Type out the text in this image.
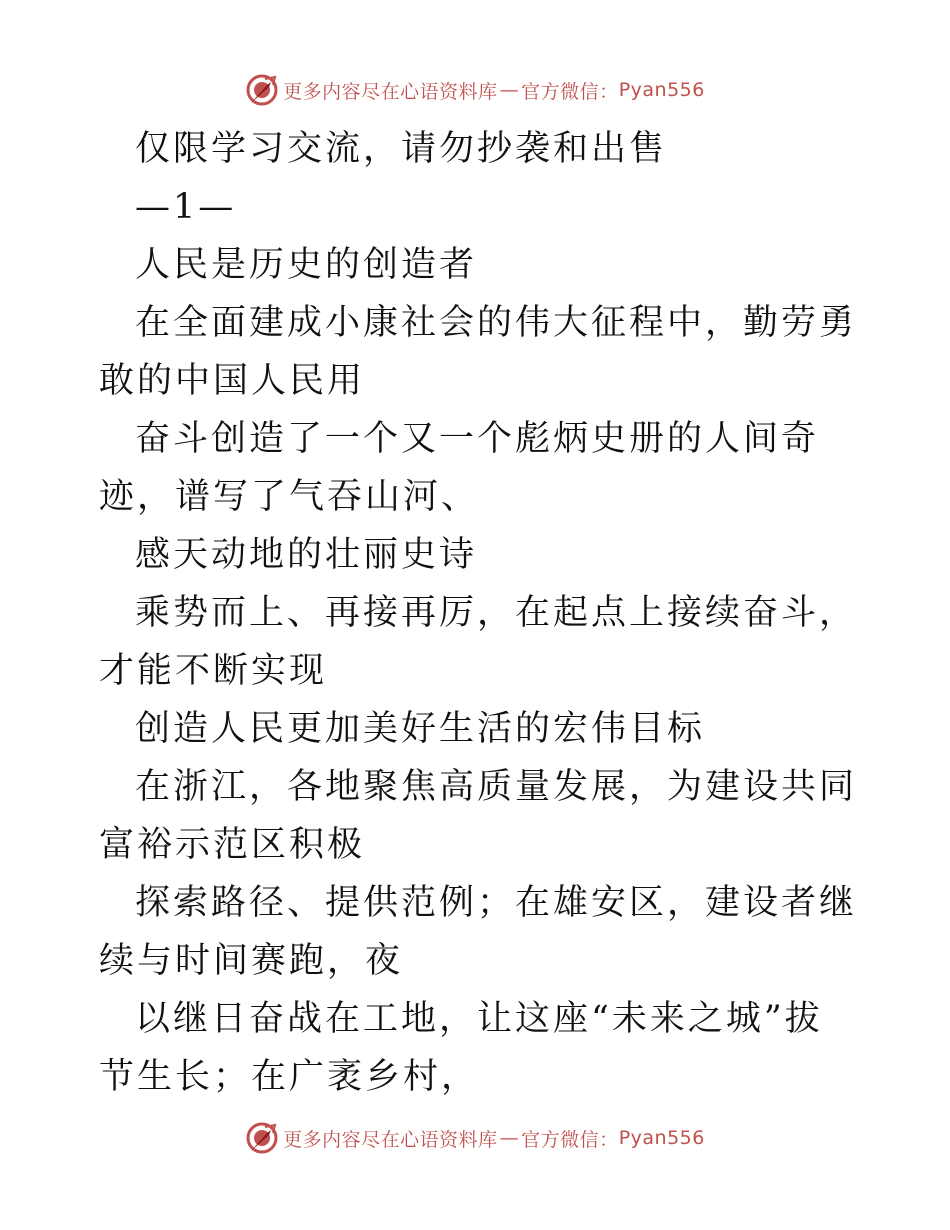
更多内容尽在心语资料库 — 官方微信： Pyan556

仅限学习交流，请勿抄袭和出售

—1—

人民是历史的创造者

在全面建成小康社会的伟大征程中，勤劳勇敢的中国人民用

奋斗创造了一个又一个彪炳史册的人间奇迹，谱写了气吞山河、

感天动地的壮丽史诗

乘势而上、再接再厉，在起点上接续奋斗，才能不断实现

创造人民更加美好生活的宏伟目标

在浙江，各地聚焦高质量发展，为建设共同富裕示范区积极

探索路径、提供范例；在雄安区，建设者继续与时间赛跑，夜

以继日奋战在工地，让这座“未来之城”拔节生长；在广袤乡村，

更多内容尽在心语资料库 — 官方微信： Pyan556
